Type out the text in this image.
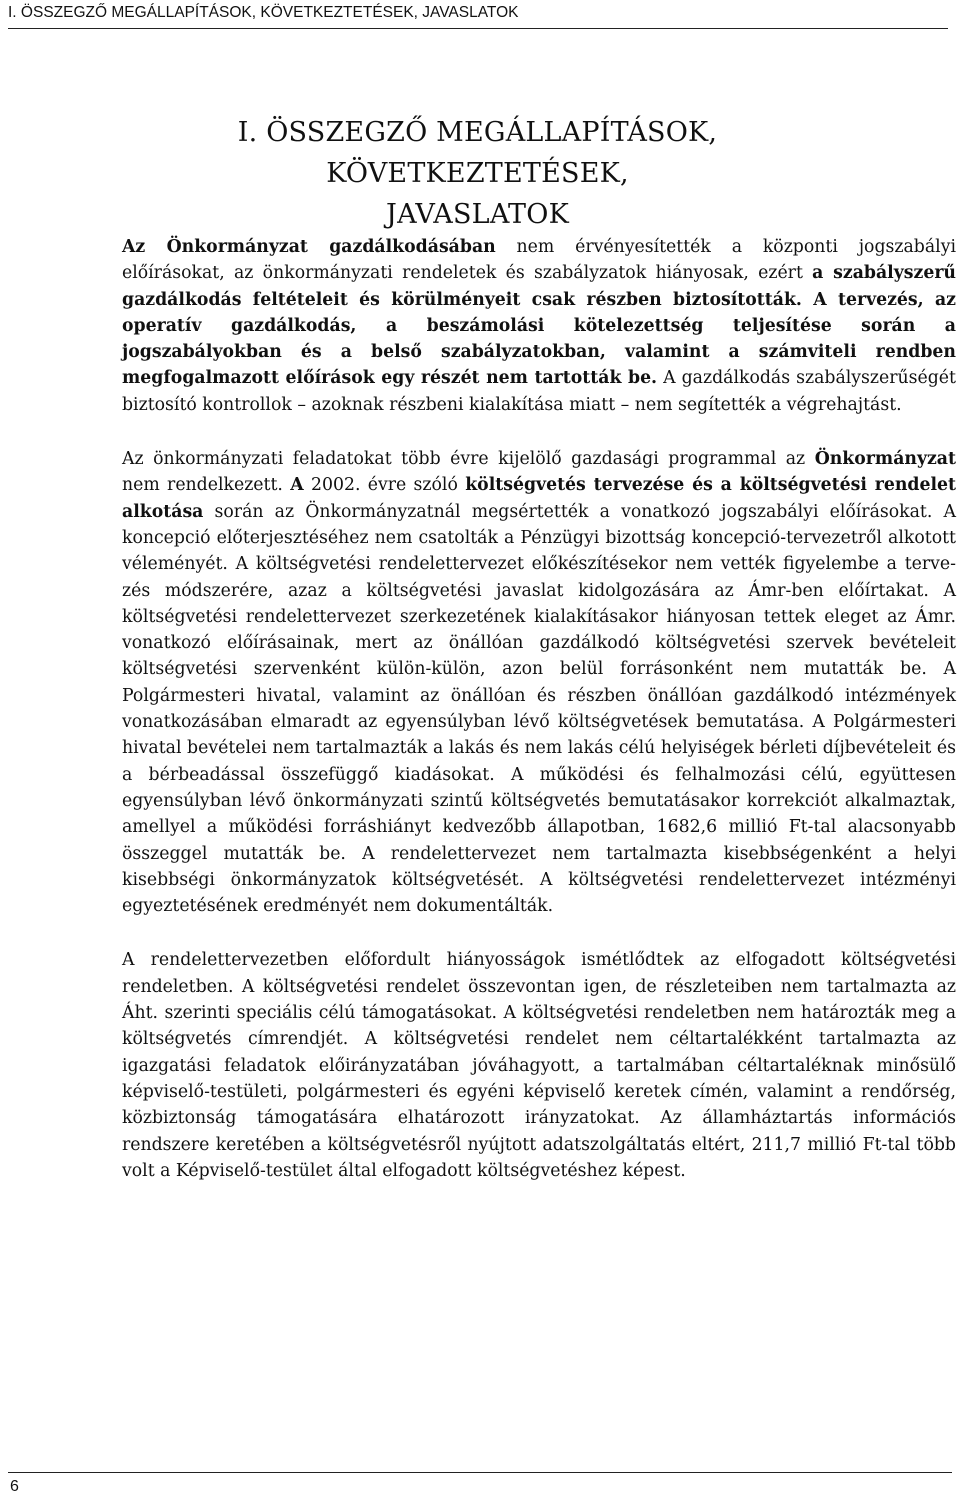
I. ÖSSZEGZŐ MEGÁLLAPÍTÁSOK, KÖVETKEZTETÉSEK, JAVASLATOK
I. ÖSSZEGZŐ MEGÁLLAPÍTÁSOK, KÖVETKEZTETÉSEK,
JAVASLATOK

Az Önkormányzat gazdálkodásában nem érvényesítették a központi jogszabályi előírásokat, az önkormányzati rendeletek és szabályzatok hiányosak, ezért a szabályszerű gazdálkodás feltételeit és körülményeit csak részben biztosították. A tervezés, az operatív gazdálkodás, a beszámolási kötelezettség teljesítése során a jogszabályokban és a belső szabályzatokban, valamint a számviteli rendben megfogalmazott előírások egy részét nem tartották be. A gazdálkodás szabályszerűségét biztosító kontrollok – azoknak részbeni kialakítása miatt – nem segítették a végrehajtást.

Az önkormányzati feladatokat több évre kijelölő gazdasági programmal az Önkormányzat nem rendelkezett. A 2002. évre szóló költségvetés tervezése és a költségvetési rendelet alkotása során az Önkormányzatnál megsértették a vonatkozó jogszabályi előírásokat. A koncepció előterjesztéséhez nem csatolták a Pénzügyi bizottság koncepció-tervezetről alkotott véleményét. A költségvetési rendelettervezet előkészítésekor nem vették figyelembe a tervezés módszerére, azaz a költségvetési javaslat kidolgozására az Ámr-ben előírtakat. A költségvetési rendelettervezet szerkezetének kialakításakor hiányosan tettek eleget az Ámr. vonatkozó előírásainak, mert az önállóan gazdálkodó költségvetési szervek bevételeit költségvetési szervenként külön-külön, azon belül forrásonként nem mutatták be. A Polgármesteri hivatal, valamint az önállóan és részben önállóan gazdálkodó intézmények vonatkozásában elmaradt az egyensúlyban lévő költségvetések bemutatása. A Polgármesteri hivatal bevételei nem tartalmazták a lakás és nem lakás célú helyiségek bérleti díjbevételeit és a bérbeadással összefüggő kiadásokat. A működési és felhalmozási célú, együttesen egyensúlyban lévő önkormányzati szintű költségvetés bemutatásakor korrekciót alkalmaztak, amellyel a működési forráshiányt kedvezőbb állapotban, 1682,6 millió Ft-tal alacsonyabb összeggel mutatták be. A rendelettervezet nem tartalmazta kisebbségenként a helyi kisebbségi önkormányzatok költségvetését. A költségvetési rendelettervezet intézményi egyeztetésének eredményét nem dokumentálták.

A rendelettervezetben előfordult hiányosságok ismétlődtek az elfogadott költségvetési rendeletben. A költségvetési rendelet összevontan igen, de részleteiben nem tartalmazta az Áht. szerinti speciális célú támogatásokat. A költségvetési rendeletben nem határozták meg a költségvetés címrendjét. A költségvetési rendelet nem céltartalékként tartalmazta az igazgatási feladatok előirányzatában jóváhagyott, a tartalmában céltartaléknak minősülő képviselő-testületi, polgármesteri és egyéni képviselő keretek címén, valamint a rendőrség, közbiztonság támogatására elhatározott irányzatokat. Az államháztartás információs rendszere keretében a költségvetésről nyújtott adatszolgáltatás eltért, 211,7 millió Ft-tal több volt a Képviselő-testület által elfogadott költségvetéshez képest.

6
